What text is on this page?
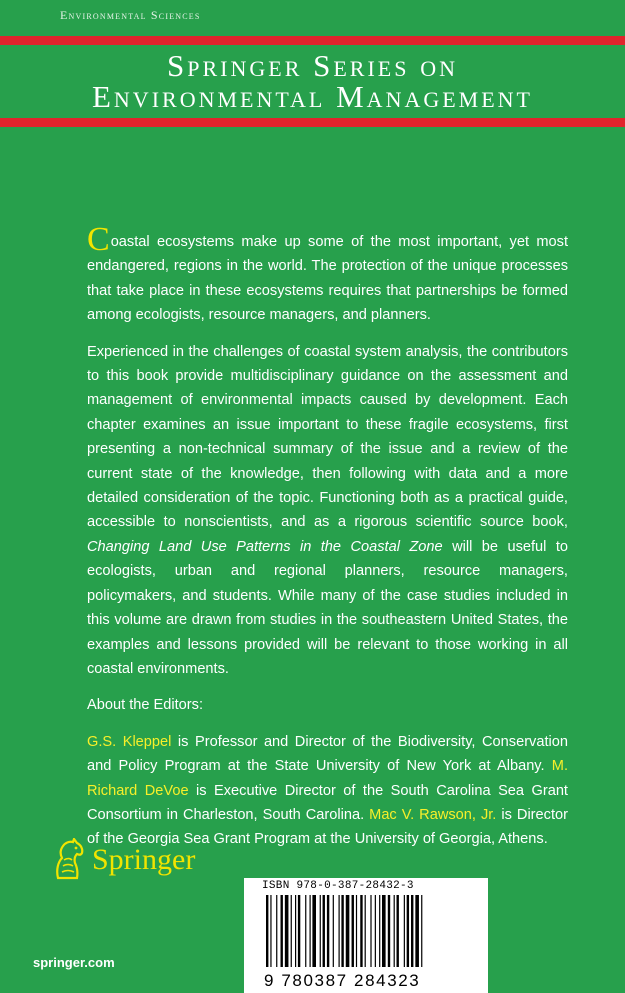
Environmental Sciences
Springer Series on
Environmental Management

Coastal ecosystems make up some of the most important, yet most endangered, regions in the world. The protection of the unique processes that take place in these ecosystems requires that partnerships be formed among ecologists, resource managers, and planners.

Experienced in the challenges of coastal system analysis, the contributors to this book provide multidisciplinary guidance on the assessment and management of environmental impacts caused by development. Each chapter examines an issue important to these fragile ecosystems, first presenting a non-technical summary of the issue and a review of the current state of the knowledge, then following with data and a more detailed consideration of the topic. Functioning both as a practical guide, accessible to nonscientists, and as a rigorous scientific source book, Changing Land Use Patterns in the Coastal Zone will be useful to ecologists, urban and regional planners, resource managers, policymakers, and students. While many of the case studies included in this volume are drawn from studies in the southeastern United States, the examples and lessons provided will be relevant to those working in all coastal environments.

About the Editors:

G.S. Kleppel is Professor and Director of the Biodiversity, Conservation and Policy Program at the State University of New York at Albany. M. Richard DeVoe is Executive Director of the South Carolina Sea Grant Consortium in Charleston, South Carolina. Mac V. Rawson, Jr. is Director of the Georgia Sea Grant Program at the University of Georgia, Athens.

Springer
springer.com
ISBN 978-0-387-28432-3
9 780387 284323
